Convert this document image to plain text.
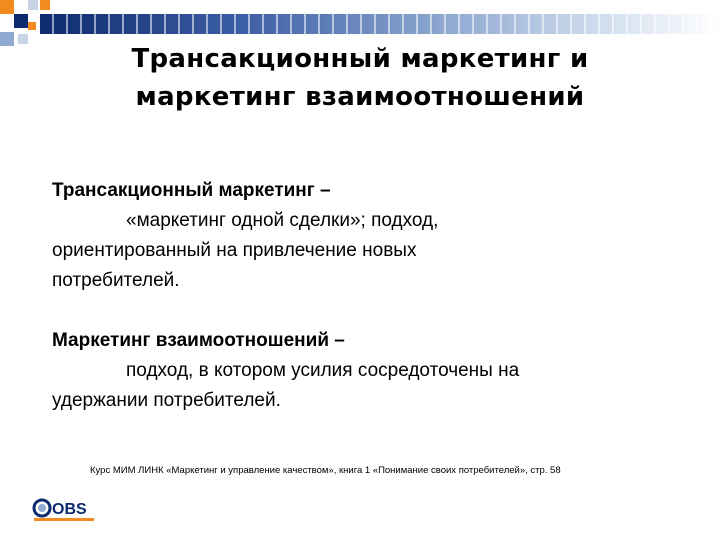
Трансакционный маркетинг и
маркетинг взаимоотношений
Трансакционный маркетинг –
«маркетинг одной сделки»; подход,
ориентированный на привлечение новых
потребителей.
Маркетинг взаимоотношений –
подход, в котором усилия сосредоточены на
удержании потребителей.
Курс МИМ ЛИНК «Маркетинг и управление качеством», книга 1 «Понимание своих потребителей», стр. 58
OBS
